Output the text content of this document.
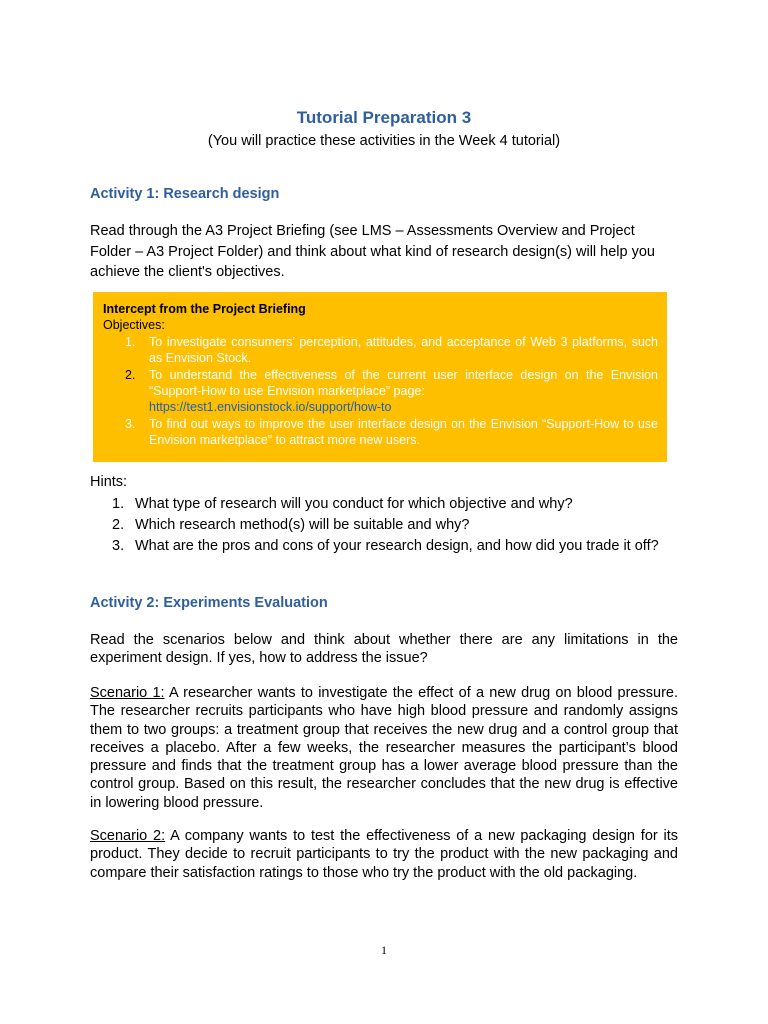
Tutorial Preparation 3
(You will practice these activities in the Week 4 tutorial)
Activity 1: Research design
Read through the A3 Project Briefing (see LMS – Assessments Overview and Project Folder – A3 Project Folder) and think about what kind of research design(s) will help you achieve the client's objectives.
Intercept from the Project Briefing
Objectives:
1. To investigate consumers’ perception, attitudes, and acceptance of Web 3 platforms, such as Envision Stock.
2. To understand the effectiveness of the current user interface design on the Envision “Support-How to use Envision marketplace” page:
https://test1.envisionstock.io/support/how-to
3. To find out ways to improve the user interface design on the Envision “Support-How to use Envision marketplace” to attract more new users.
Hints:
1. What type of research will you conduct for which objective and why?
2. Which research method(s) will be suitable and why?
3. What are the pros and cons of your research design, and how did you trade it off?
Activity 2: Experiments Evaluation
Read the scenarios below and think about whether there are any limitations in the experiment design. If yes, how to address the issue?
Scenario 1: A researcher wants to investigate the effect of a new drug on blood pressure. The researcher recruits participants who have high blood pressure and randomly assigns them to two groups: a treatment group that receives the new drug and a control group that receives a placebo. After a few weeks, the researcher measures the participant’s blood pressure and finds that the treatment group has a lower average blood pressure than the control group. Based on this result, the researcher concludes that the new drug is effective in lowering blood pressure.
Scenario 2: A company wants to test the effectiveness of a new packaging design for its product. They decide to recruit participants to try the product with the new packaging and compare their satisfaction ratings to those who try the product with the old packaging.
1
